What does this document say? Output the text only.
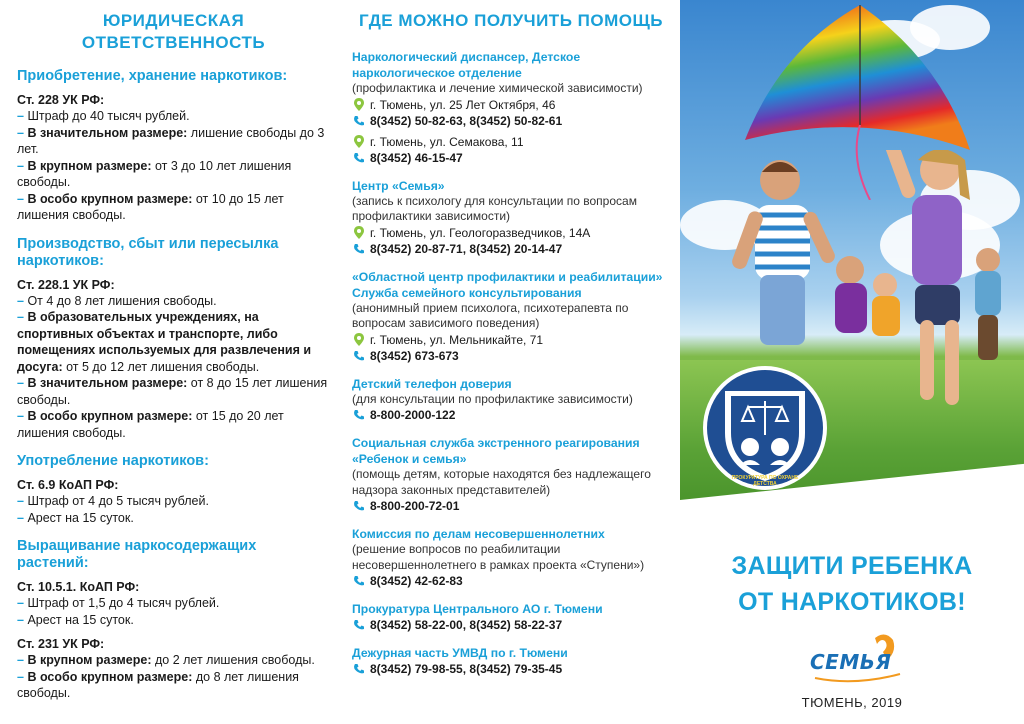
ЮРИДИЧЕСКАЯ ОТВЕТСТВЕННОСТЬ
Приобретение, хранение наркотиков:
Ст. 228 УК РФ:
– Штраф до 40 тысяч рублей.
– В значительном размере: лишение свободы до 3 лет.
– В крупном размере: от 3 до 10 лет лишения свободы.
– В особо крупном размере: от 10 до 15 лет лишения свободы.
Производство, сбыт или пересылка наркотиков:
Ст. 228.1 УК РФ:
– От 4 до 8 лет лишения свободы.
– В образовательных учреждениях, на спортивных объектах и транспорте, либо помещениях используемых для развлечения и досуга: от 5 до 12 лет лишения свободы.
– В значительном размере: от 8 до 15 лет лишения свободы.
– В особо крупном размере: от 15 до 20 лет лишения свободы.
Употребление наркотиков:
Ст. 6.9 КоАП РФ:
– Штраф от 4 до 5 тысяч рублей.
– Арест на 15 суток.
Выращивание наркосодержащих растений:
Ст. 10.5.1. КоАП РФ:
– Штраф от 1,5 до 4 тысяч рублей.
– Арест на 15 суток.
Ст. 231 УК РФ:
– В крупном размере: до 2 лет лишения свободы.
– В особо крупном размере: до 8 лет лишения свободы.
ГДЕ МОЖНО ПОЛУЧИТЬ ПОМОЩЬ
Наркологический диспансер, Детское наркологическое отделение
(профилактика и лечение химической зависимости)
г. Тюмень, ул. 25 Лет Октября, 46
8(3452) 50-82-63, 8(3452) 50-82-61
г. Тюмень, ул. Семакова, 11
8(3452) 46-15-47
Центр «Семья»
(запись к психологу для консультации по вопросам профилактики зависимости)
г. Тюмень, ул. Геологоразведчиков, 14А
8(3452) 20-87-71, 8(3452) 20-14-47
«Областной центр профилактики и реабилитации» Служба семейного консультирования
(анонимный прием психолога, психотерапевта по вопросам зависимого поведения)
г. Тюмень, ул. Мельникайте, 71
8(3452) 673-673
Детский телефон доверия
(для консультации по профилактике зависимости)
8-800-2000-122
Социальная служба экстренного реагирования «Ребенок и семья»
(помощь детям, которые находятся без надлежащего надзора законных представителей)
8-800-200-72-01
Комиссия по делам несовершеннолетних
(решение вопросов по реабилитации несовершеннолетнего в рамках проекта «Ступени»)
8(3452) 42-62-83
Прокуратура Центрального АО г. Тюмени
8(3452) 58-22-00, 8(3452) 58-22-37
Дежурная часть УМВД по г. Тюмени
8(3452) 79-98-55, 8(3452) 79-35-45
ПРОКУРАТУРА ПО ОХРАНЕ ДЕТСТВА
ЗАЩИТИ РЕБЕНКА
ОТ НАРКОТИКОВ!
СЕМЬЯ
ТЮМЕНЬ, 2019
